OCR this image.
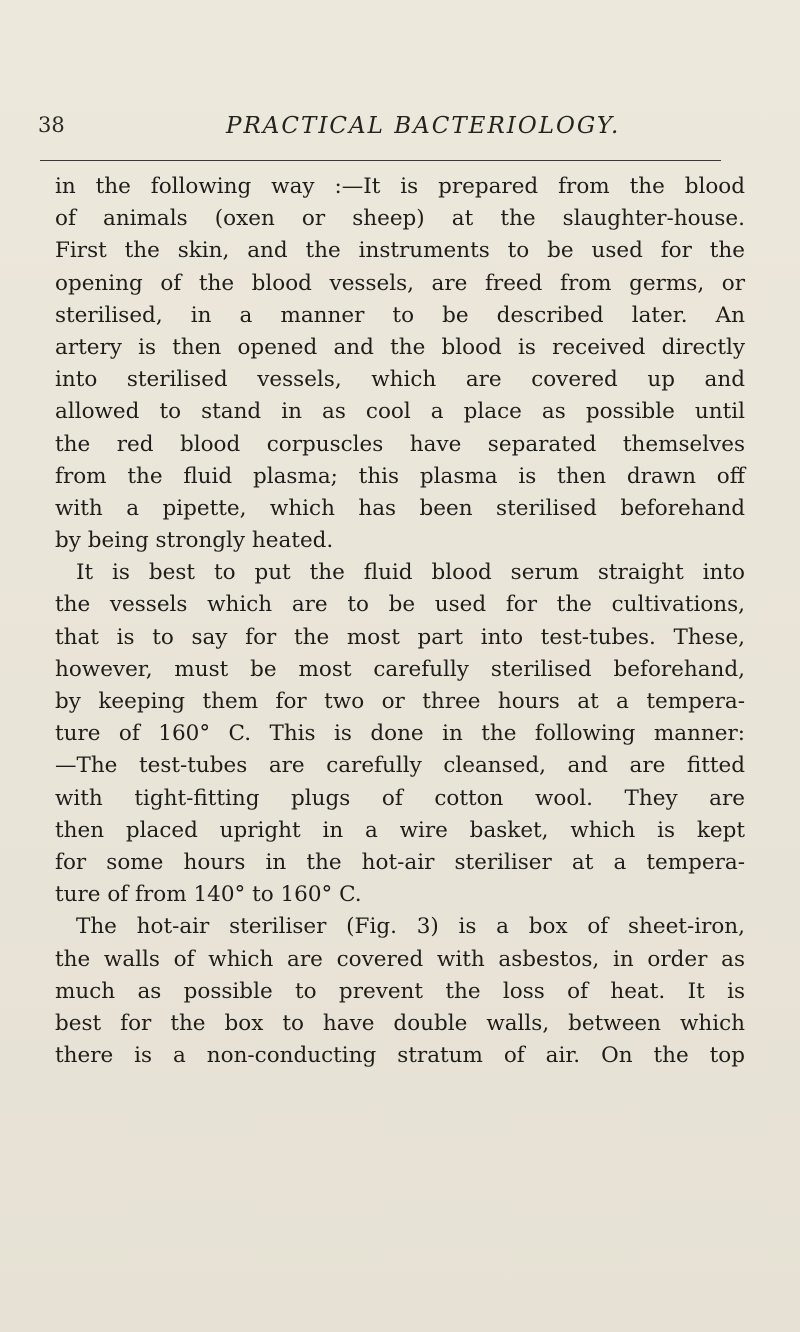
38	PRACTICAL BACTERIOLOGY.
in the following way :—It is prepared from the blood
of animals (oxen or sheep) at the slaughter-house.
First the skin, and the instruments to be used for the
opening of the blood vessels, are freed from germs, or
sterilised, in a manner to be described later. An
artery is then opened and the blood is received directly
into sterilised vessels, which are covered up and
allowed to stand in as cool a place as possible until
the red blood corpuscles have separated themselves
from the fluid plasma; this plasma is then drawn off
with a pipette, which has been sterilised beforehand
by being strongly heated.
It is best to put the fluid blood serum straight into
the vessels which are to be used for the cultivations,
that is to say for the most part into test-tubes. These,
however, must be most carefully sterilised beforehand,
by keeping them for two or three hours at a tempera-
ture of 160° C. This is done in the following manner:
—The test-tubes are carefully cleansed, and are fitted
with tight-fitting plugs of cotton wool. They are
then placed upright in a wire basket, which is kept
for some hours in the hot-air steriliser at a tempera-
ture of from 140° to 160° C.
The hot-air steriliser (Fig. 3) is a box of sheet-iron,
the walls of which are covered with asbestos, in order as
much as possible to prevent the loss of heat. It is
best for the box to have double walls, between which
there is a non-conducting stratum of air. On the top
